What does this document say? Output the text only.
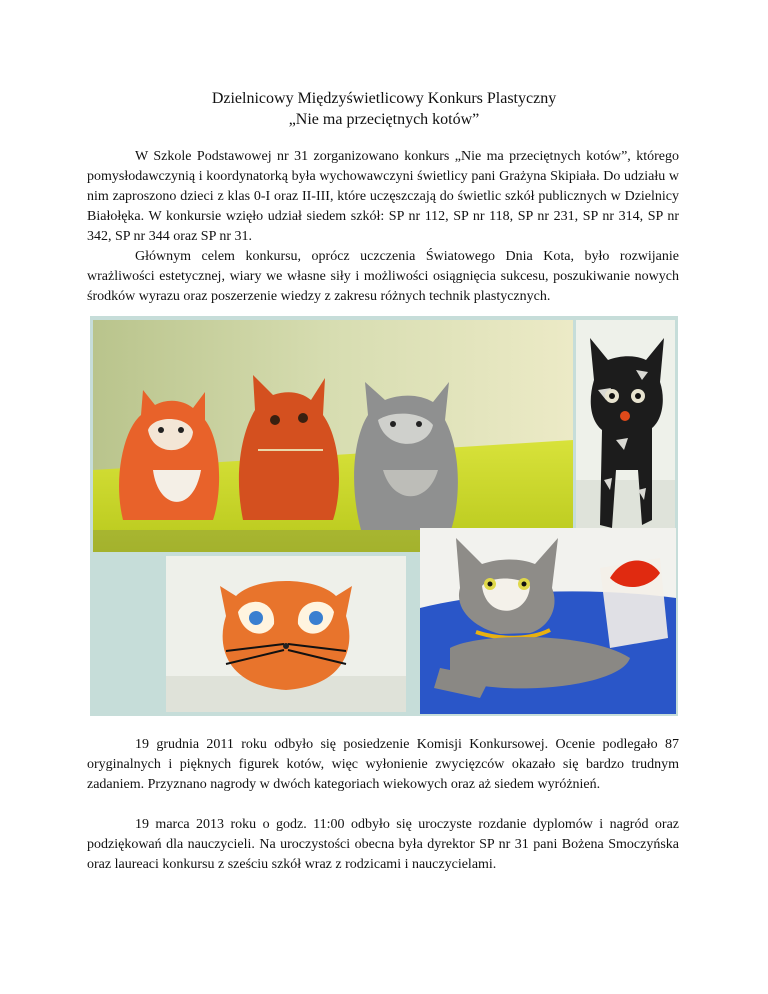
Dzielnicowy Międzyświetlicowy Konkurs Plastyczny
„Nie ma przeciętnych kotów”

W Szkole Podstawowej nr 31 zorganizowano konkurs „Nie ma przeciętnych kotów”, którego pomysłodawczynią i koordynatorką była wychowawczyni świetlicy pani Grażyna Skipiała. Do udziału w nim zaproszono dzieci z klas 0-I oraz II-III, które uczęszczają do świetlic szkół publicznych w Dzielnicy Białołęka. W konkursie wzięło udział siedem szkół: SP nr 112, SP nr 118, SP nr 231, SP nr 314, SP nr 342, SP nr 344 oraz SP nr 31.

Głównym celem konkursu, oprócz uczczenia Światowego Dnia Kota, było rozwijanie wrażliwości estetycznej, wiary we własne siły i możliwości osiągnięcia sukcesu, poszukiwanie nowych środków wyrazu oraz poszerzenie wiedzy z zakresu różnych technik plastycznych.

19 grudnia 2011 roku odbyło się posiedzenie Komisji Konkursowej. Ocenie podlegało 87 oryginalnych i pięknych figurek kotów, więc wyłonienie zwycięzców okazało się bardzo trudnym zadaniem. Przyznano nagrody w dwóch kategoriach wiekowych oraz aż siedem wyróżnień.

19 marca 2013 roku o godz. 11:00 odbyło się uroczyste rozdanie dyplomów i nagród oraz podziękowań dla nauczycieli. Na uroczystości obecna była dyrektor SP nr 31 pani Bożena Smoczyńska oraz laureaci konkursu z sześciu szkół wraz z rodzicami i nauczycielami.
